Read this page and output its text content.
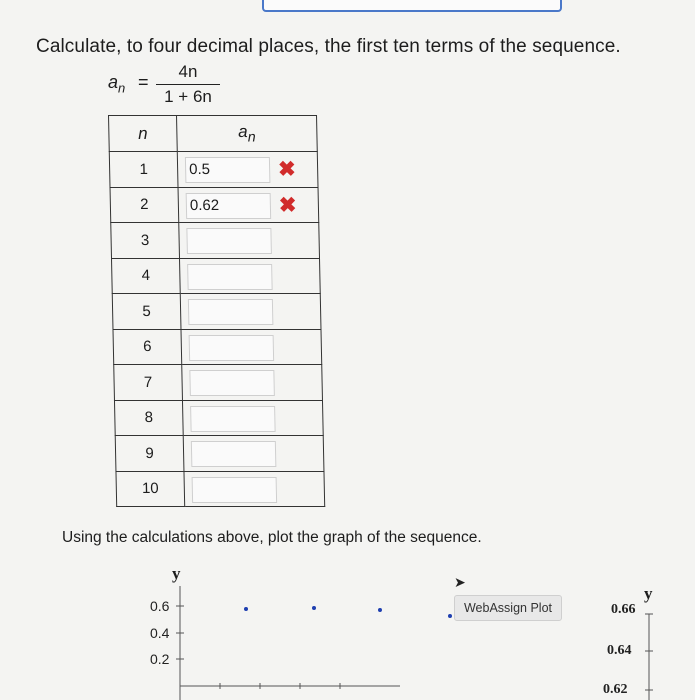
Calculate, to four decimal places, the first ten terms of the sequence.
$a_n = \frac{4n}{1 + 6n}$
n	$a_n$
1	0.5 ✖

2	0.62 ✖

3	

4	

5	

6	

7	

8	

9	

10	
Using the calculations above, plot the graph of the sequence.
y
0.6
0.4
0.2
➤
WebAssign Plot
y
0.66
0.64
0.62
